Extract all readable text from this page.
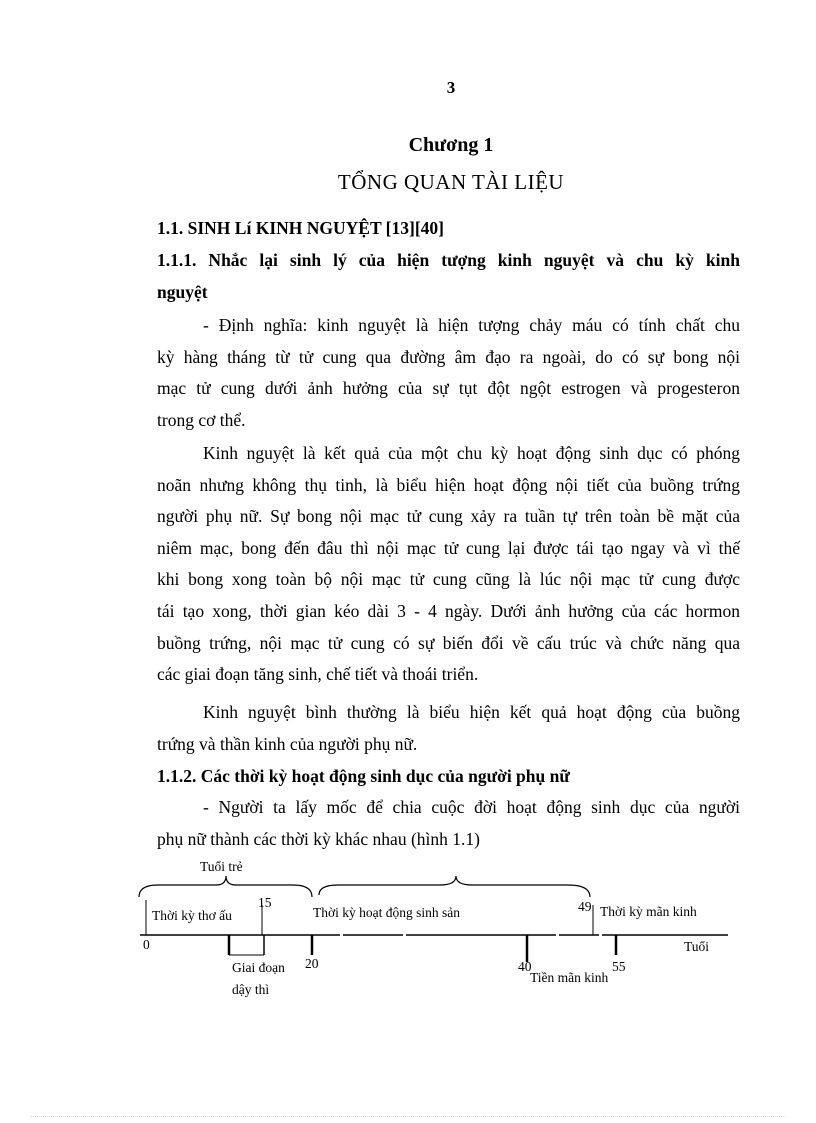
3
Chương 1
TỔNG QUAN TÀI LIỆU
1.1. SINH Lí KINH NGUYỆT [13][40]
1.1.1. Nhắc lại sinh lý của hiện tượng kinh nguyệt và chu kỳ kinh
nguyệt
- Định nghĩa: kinh nguyệt là hiện tượng chảy máu có tính chất chu
kỳ hàng tháng từ tử cung qua đường âm đạo ra ngoài, do có sự bong nội
mạc tử cung dưới ảnh hưởng của sự tụt đột ngột estrogen và progesteron
trong cơ thể.
Kinh nguyệt là kết quả của một chu kỳ hoạt động sinh dục có phóng
noãn nhưng không thụ tinh, là biểu hiện hoạt động nội tiết của buồng trứng
người phụ nữ. Sự bong nội mạc tử cung xảy ra tuần tự trên toàn bề mặt của
niêm mạc, bong đến đâu thì nội mạc tử cung lại được tái tạo ngay và vì thế
khi bong xong toàn bộ nội mạc tử cung cũng là lúc nội mạc tử cung được
tái tạo xong, thời gian kéo dài 3 - 4 ngày. Dưới ảnh hưởng của các hormon
buồng trứng, nội mạc tử cung có sự biến đổi về cấu trúc và chức năng qua
các giai đoạn tăng sinh, chế tiết và thoái triển.
Kinh nguyệt bình thường là biểu hiện kết quả hoạt động của buồng
trứng và thần kinh của người phụ nữ.
1.1.2. Các thời kỳ hoạt động sinh dục của người phụ nữ
- Người ta lấy mốc để chia cuộc đời hoạt động sinh dục của người
phụ nữ thành các thời kỳ khác nhau (hình 1.1)
Tuổi trẻ
Thời kỳ thơ ấu	Thời kỳ hoạt động sinh sản	Thời kỳ mãn kinh
0
15	49
20	40	55
Tuổi
Giai đoạn
dậy thì
Tiền mãn kinh
